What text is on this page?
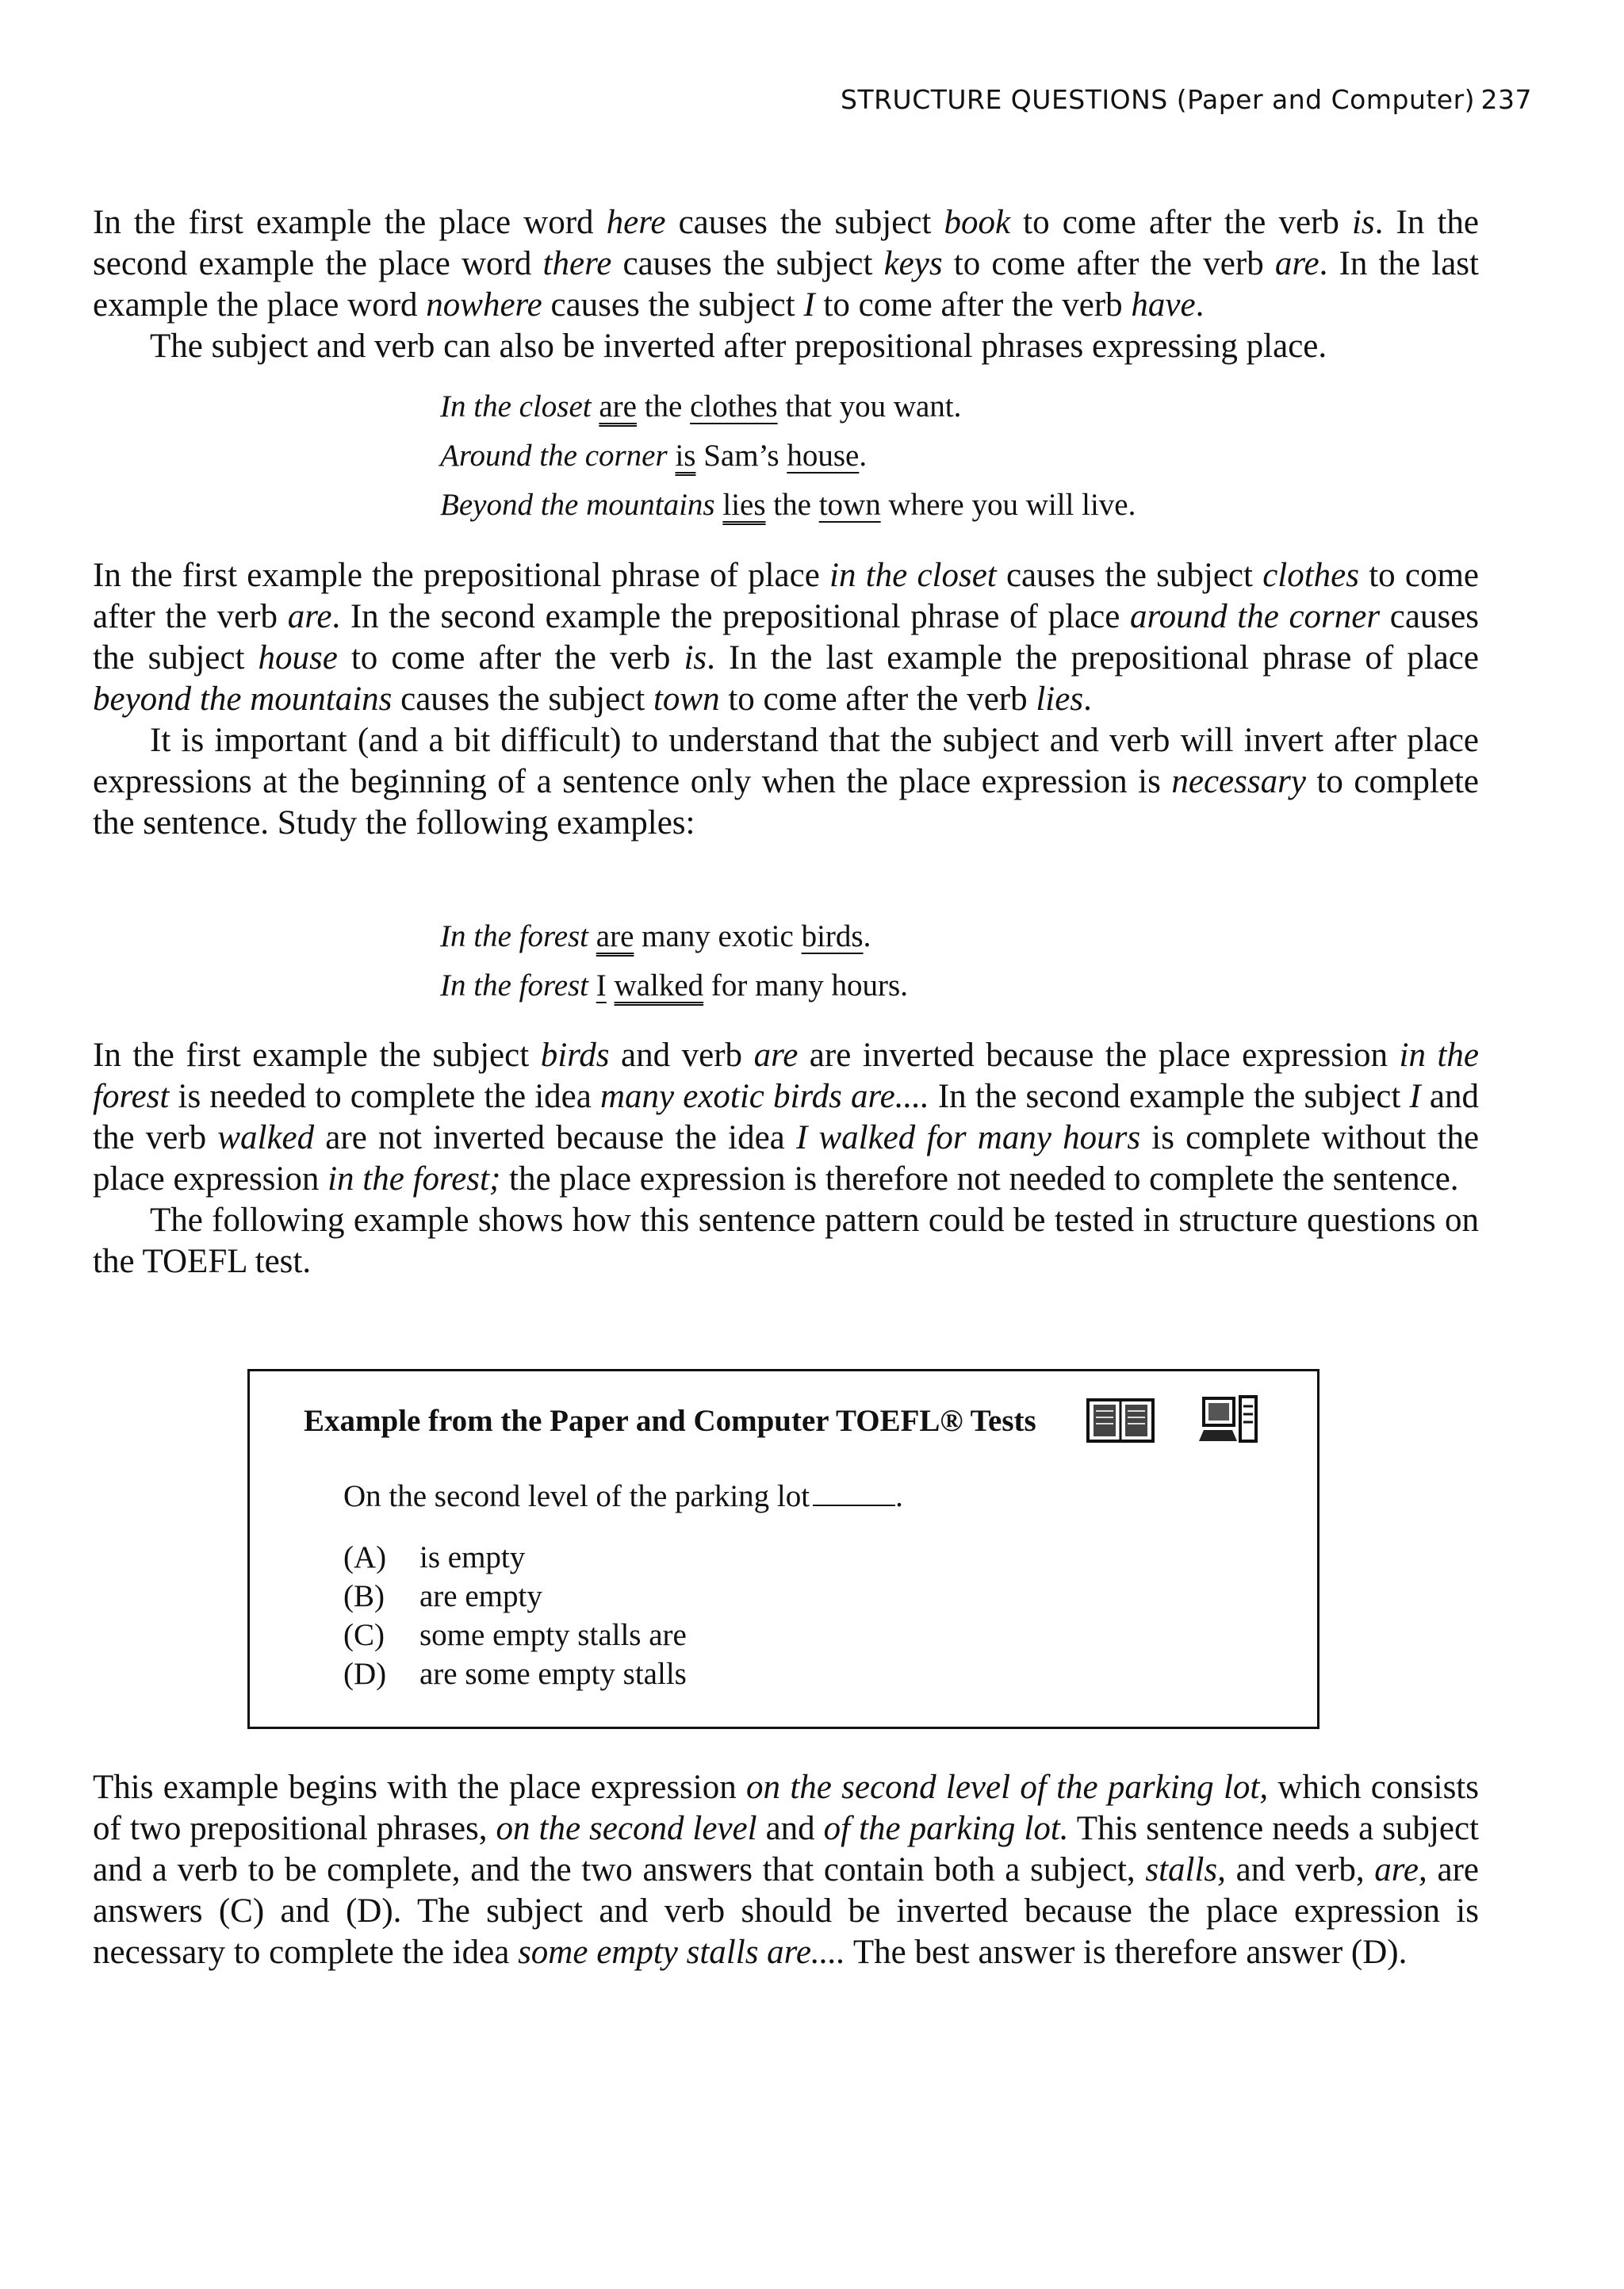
STRUCTURE QUESTIONS (Paper and Computer) 237

In the first example the place word here causes the subject book to come after the verb is. In the second example the place word there causes the subject keys to come after the verb are. In the last example the place word nowhere causes the subject I to come after the verb have.

The subject and verb can also be inverted after prepositional phrases expressing place.

In the closet are the clothes that you want.
Around the corner is Sam’s house.
Beyond the mountains lies the town where you will live.

In the first example the prepositional phrase of place in the closet causes the subject clothes to come after the verb are. In the second example the prepositional phrase of place around the corner causes the subject house to come after the verb is. In the last example the prepositional phrase of place beyond the mountains causes the subject town to come after the verb lies.

It is important (and a bit difficult) to understand that the subject and verb will invert after place expressions at the beginning of a sentence only when the place expression is necessary to complete the sentence. Study the following examples:

In the forest are many exotic birds.
In the forest I walked for many hours.

In the first example the subject birds and verb are are inverted because the place expression in the forest is needed to complete the idea many exotic birds are.... In the second example the subject I and the verb walked are not inverted because the idea I walked for many hours is complete without the place expression in the forest; the place expression is therefore not needed to complete the sentence.

The following example shows how this sentence pattern could be tested in structure questions on the TOEFL test.

Example from the Paper and Computer TOEFL® Tests
On the second level of the parking lot	.
(A) is empty
(B) are empty
(C) some empty stalls are
(D) are some empty stalls

This example begins with the place expression on the second level of the parking lot, which consists of two prepositional phrases, on the second level and of the parking lot. This sentence needs a subject and a verb to be complete, and the two answers that contain both a subject, stalls, and verb, are, are answers (C) and (D). The subject and verb should be inverted because the place expression is necessary to complete the idea some empty stalls are.... The best answer is therefore answer (D).
